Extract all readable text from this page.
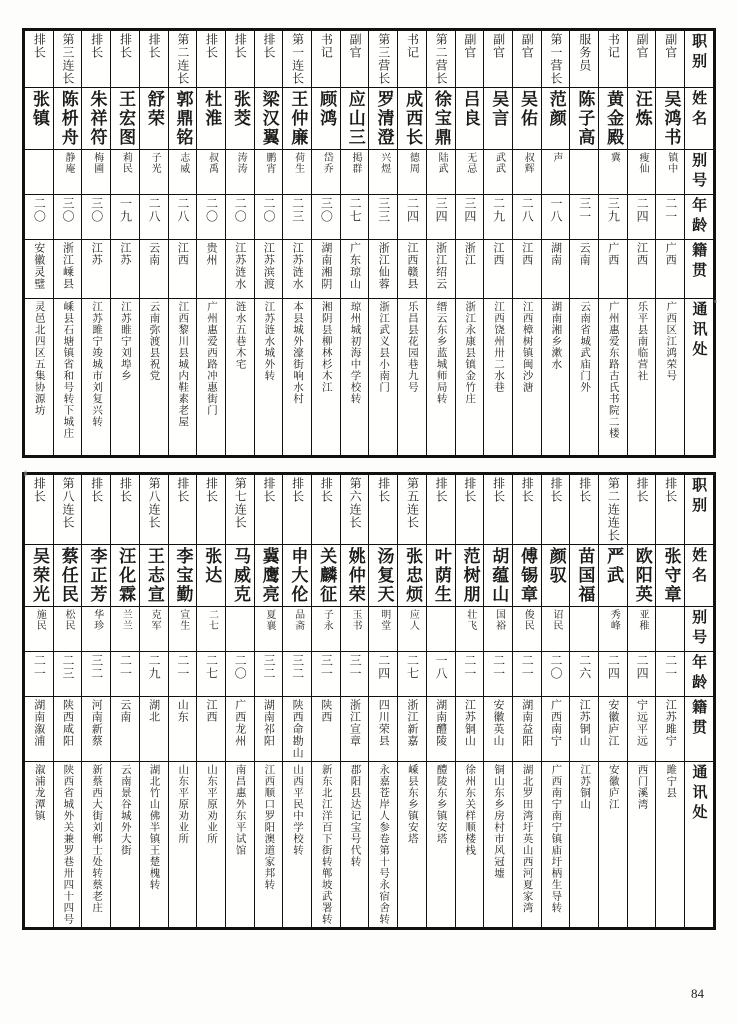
排长	第三连长	排长	排长	排长	第二连长	排长	排长	排长	第一连长	书记	副官	第三营长	书记	第二营长	副官	副官	副官	第一营长	服务员	书记	副官	副官	职别

张镇	陈枡舟	朱祥符	王宏图	舒荣	郭鼎铭	杜淮	张茭	梁汉翼	王仲廉	顾鸿	应山三	罗清澄	成西长	徐宝鼎	吕良	吴言	吴佑	范颜	陈子高	黄金殿	汪炼	吴鸿书	姓名

	静庵	梅圃	莉民	子光	志威	叔禹	涛涛	鹏宵	荷生	岱乔	掲群	兴煜	德周	陆武	无忌	武武	叔辉	声		冀	瘦仙	镇中	别号

二〇	三〇	三〇	一九	二八	二八	二〇	二〇	二〇	二三	三〇	二七	三三	二四	三四	三四	二九	二八	一八	三一	三九	二四	二一	年龄

安徽灵璧	浙江嵊县	江苏	江苏	云南	江西	贵州	江苏涟水	江苏滨渡	江苏涟水	湖南湘阴	广东琼山	浙江仙蓉	江西赣县	浙江绍云	浙江	江西	江西	湖南	云南	广西	江西	广西	籍贯

灵邑北四区五集协源坊	嵊县石塘镇省和号转下城庄	江苏雎宁竣城市刘复兴转	江苏睢宁刘埠乡	云南弥渡县祝党	江西黎川县城内鞋素老屋	广州惠爱西路冲惠街门	涟水五巷木宅	江苏涟水城外转	本县城外濠街响水村	湘阴县柳林杉木江	琼州城初海中学校转	浙江武义县小南门	乐昌县花园巷九号	缙云东乡蓝城师局转	浙江永康县镇金竹庄	江西饶州卅二水巷	江西樟树镇闽沙溏	湖南湘乡漱水	云南省城武庙门外	广州惠爱东路古氏书院二楼	乐平县南临营社	广西区江鸿荣号	通讯处
排长	第八连长	排长	排长	第八连长	排长	排长	第七连长	排长	排长	排长	第六连长	排长	第五连长	排长	排长	排长	排长	排长	排长	第二连连长	排长	排长	职别

吴荣光	蔡任民	李正芳	汪化霖	王志宣	李宝勤	张达	马威克	冀鹰亮	申大伦	关麟征	姚仲荣	汤复天	张忠烦	叶荫生	范树朋	胡蕴山	傅锡章	颜驭	苗国福	严武	欧阳英	张守章	姓名

施民	松民	华珍	兰兰	克军	宣生	二七		夏襄	品斋	子永	玉书	明堂	应人		壮飞	国裕	俊民	诏民		秀峰	亚稚		别号

二一	二三	三二	二一	二九	二一	二七	二〇	三二	三二	三一	三一	二四	二七	一八	二一	二一	二一	二〇	二六	二四	二四	二一	年龄

湖南溆浦	陕西咸阳	河南新蔡	云南	湖北	山东	江西	广西龙州	湖南祁阳	陕西命勘山	陕西	浙江宣章	四川荣县	浙江新嘉	湖南醴陵	江苏铜山	安徽英山	湖南益阳	广西南宁	江苏铜山	安徽庐江	宁远平远	江苏雎宁	籍贯

溆浦龙潭镇	陕西省城外关兼罗巷卅四十四号	新蔡西大街刘郸士处转蔡老庄	云南景谷城外大街	湖北竹山佛半镇王楚槐转	山东平原劝业所	山东平原劝业所	南昌惠外东平试馆	江西顺口罗阳澳道家邦转	山西平民中学校转	新东北江洋百下街转郸坡武署转	郡阳县达记宝号代转	永嘉苍岸人参卷第十号永宿舍转	嵊县东乡镇安塔	醴陵东乡镇安塔	徐州东关样顺楼栈	铜山东乡房村市风冠墟	湖北罗田湾圩英山西河夏家湾	广西南宁南宁镇庙圩柄生导转	江苏铜山	安徽庐江	西门溪湾	雎宁县	通讯处
84
